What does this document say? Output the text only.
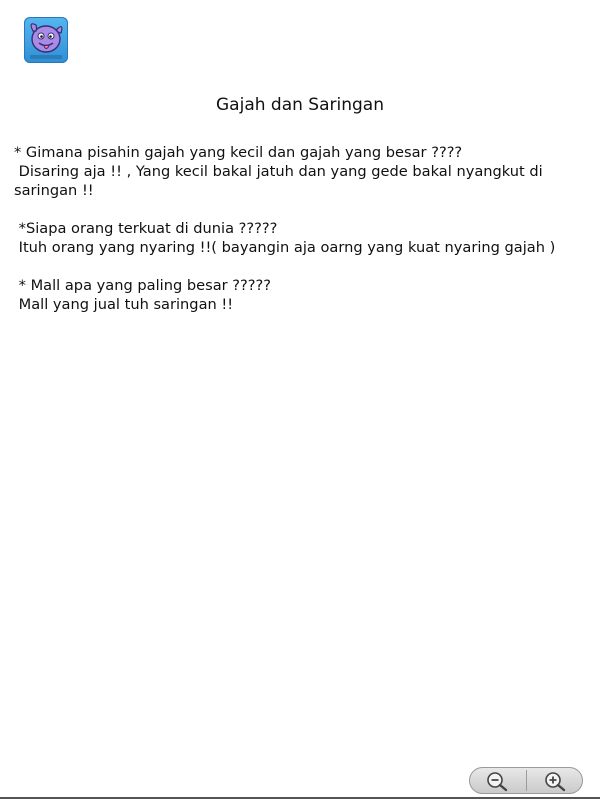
Gajah dan Saringan
* Gimana pisahin gajah yang kecil dan gajah yang besar ????
Disaring aja !! , Yang kecil bakal jatuh dan yang gede bakal nyangkut di
saringan !!
*Siapa orang terkuat di dunia ?????
Ituh orang yang nyaring !!( bayangin aja oarng yang kuat nyaring gajah )
* Mall apa yang paling besar ?????
Mall yang jual tuh saringan !!
